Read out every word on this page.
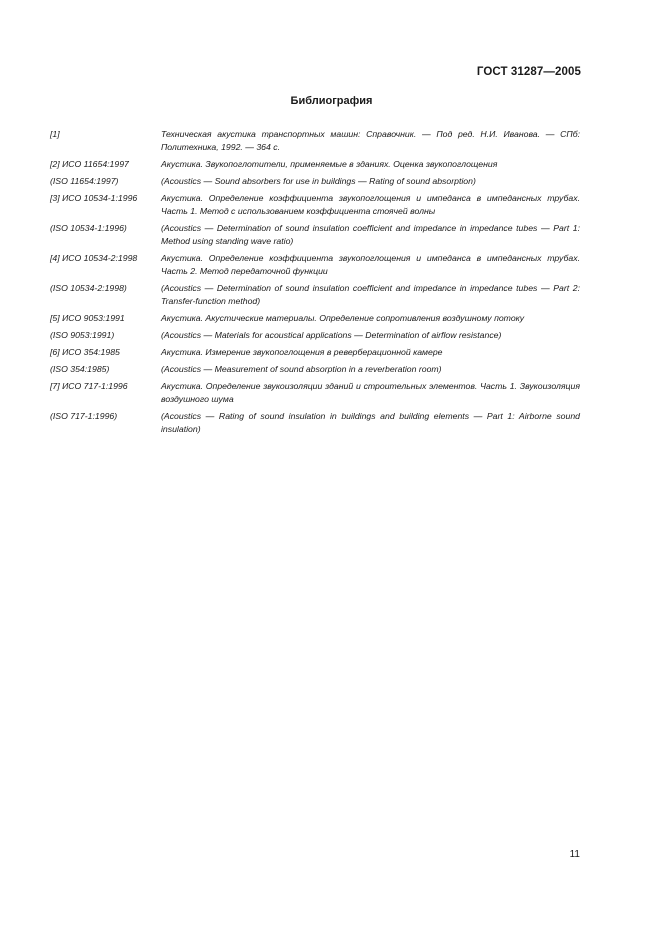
ГОСТ 31287—2005
Библиография
[1]	Техническая акустика транспортных машин: Справочник. — Под ред. Н.И. Иванова. — СПб: Политехника, 1992. — 364 с.
[2] ИСО 11654:1997	Акустика. Звукопоглотители, применяемые в зданиях. Оценка звукопоглощения
(ISO 11654:1997)	(Acoustics — Sound absorbers for use in buildings — Rating of sound absorption)
[3] ИСО 10534-1:1996	Акустика. Определение коэффициента звукопоглощения и импеданса в импедансных трубах. Часть 1. Метод с использованием коэффициента стоячей волны
(ISO 10534-1:1996)	(Acoustics — Determination of sound insulation coefficient and impedance in impedance tubes — Part 1: Method using standing wave ratio)
[4] ИСО 10534-2:1998	Акустика. Определение коэффициента звукопоглощения и импеданса в импедансных трубах. Часть 2. Метод передаточной функции
(ISO 10534-2:1998)	(Acoustics — Determination of sound insulation coefficient and impedance in impedance tubes — Part 2: Transfer-function method)
[5] ИСО 9053:1991	Акустика. Акустические материалы. Определение сопротивления воздушному потоку
(ISO 9053:1991)	(Acoustics — Materials for acoustical applications — Determination of airflow resistance)
[6] ИСО 354:1985	Акустика. Измерение звукопоглощения в реверберационной камере
(ISO 354:1985)	(Acoustics — Measurement of sound absorption in a reverberation room)
[7] ИСО 717-1:1996	Акустика. Определение звукоизоляции зданий и строительных элементов. Часть 1. Звукоизоляция воздушного шума
(ISO 717-1:1996)	(Acoustics — Rating of sound insulation in buildings and building elements — Part 1: Airborne sound insulation)
11
